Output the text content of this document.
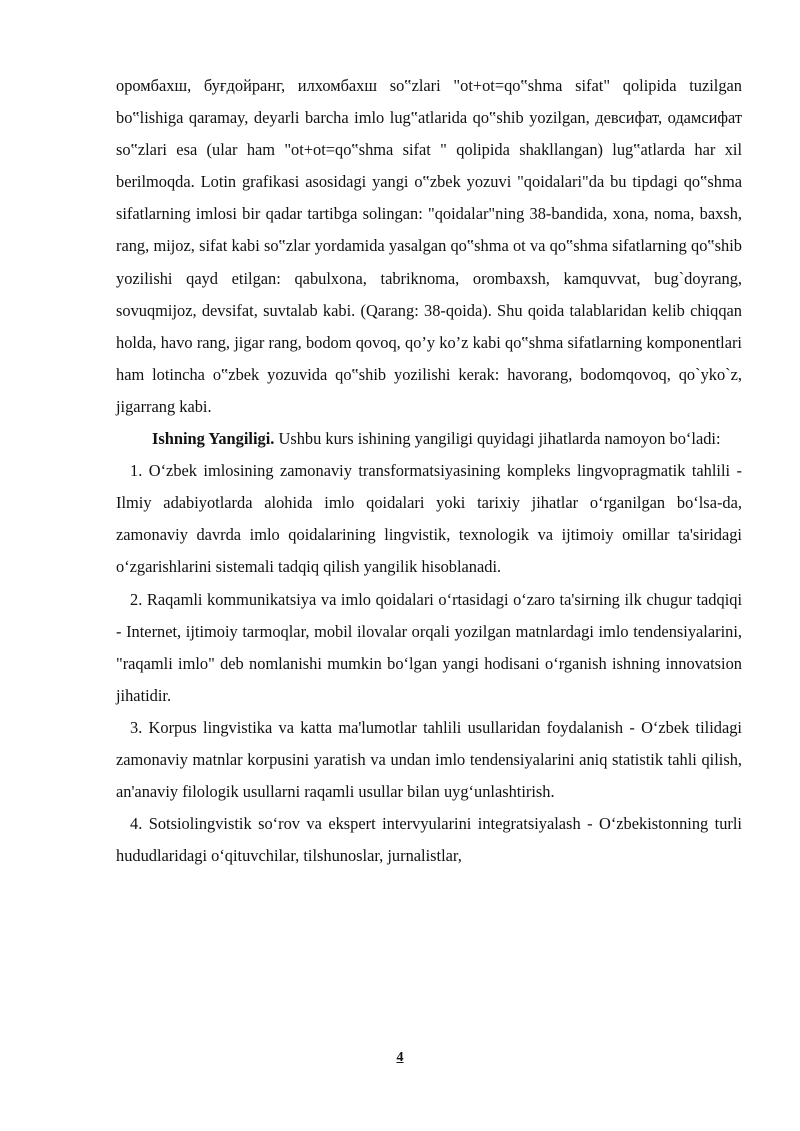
оромбахш, буғдойранг, илхомбахш so‟zlari "ot+ot=qo‟shma sifat" qolipida tuzilgan bo‟lishiga qaramay, deyarli barcha imlo lug‟atlarida qo‟shib yozilgan, девсифат, одамсифат so‟zlari esa (ular ham "ot+ot=qo‟shma sifat " qolipida shakllangan) lug‟atlarda har xil berilmoqda. Lotin grafikasi asosidagi yangi o‟zbek yozuvi "qoidalari"da bu tipdagi qo‟shma sifatlarning imlosi bir qadar tartibga solingan: "qoidalar"ning 38-bandida, xona, noma, baxsh, rang, mijoz, sifat kabi so‟zlar yordamida yasalgan qo‟shma ot va qo‟shma sifatlarning qo‟shib yozilishi qayd etilgan: qabulxona, tabriknoma, orombaxsh, kamquvvat, bug`doyrang, sovuqmijoz, devsifat, suvtalab kabi. (Qarang: 38-qoida). Shu qoida talablaridan kelib chiqqan holda, havo rang, jigar rang, bodom qovoq, qo’y ko’z kabi qo‟shma sifatlarning komponentlari ham lotincha o‟zbek yozuvida qo‟shib yozilishi kerak: havorang, bodomqovoq, qo`yko`z, jigarrang kabi.

Ishning Yangiligi. Ushbu kurs ishining yangiligi quyidagi jihatlarda namoyon bo‘ladi:

1. O‘zbek imlosining zamonaviy transformatsiyasining kompleks lingvopragmatik tahlili - Ilmiy adabiyotlarda alohida imlo qoidalari yoki tarixiy jihatlar o‘rganilgan bo‘lsa-da, zamonaviy davrda imlo qoidalarining lingvistik, texnologik va ijtimoiy omillar ta'siridagi o‘zgarishlarini sistemali tadqiq qilish yangilik hisoblanadi.

2. Raqamli kommunikatsiya va imlo qoidalari o‘rtasidagi o‘zaro ta'sirning ilk chugur tadqiqi - Internet, ijtimoiy tarmoqlar, mobil ilovalar orqali yozilgan matnlardagi imlo tendensiyalarini, "raqamli imlo" deb nomlanishi mumkin bo‘lgan yangi hodisani o‘rganish ishning innovatsion jihatidir.

3. Korpus lingvistika va katta ma'lumotlar tahlili usullaridan foydalanish - O‘zbek tilidagi zamonaviy matnlar korpusini yaratish va undan imlo tendensiyalarini aniq statistik tahli qilish, an'anaviy filologik usullarni raqamli usullar bilan uyg‘unlashtirish.

4. Sotsiolingvistik so‘rov va ekspert intervyularini integratsiyalash - O‘zbekistonning turli hududlaridagi o‘qituvchilar, tilshunoslar, jurnalistlar,

4
